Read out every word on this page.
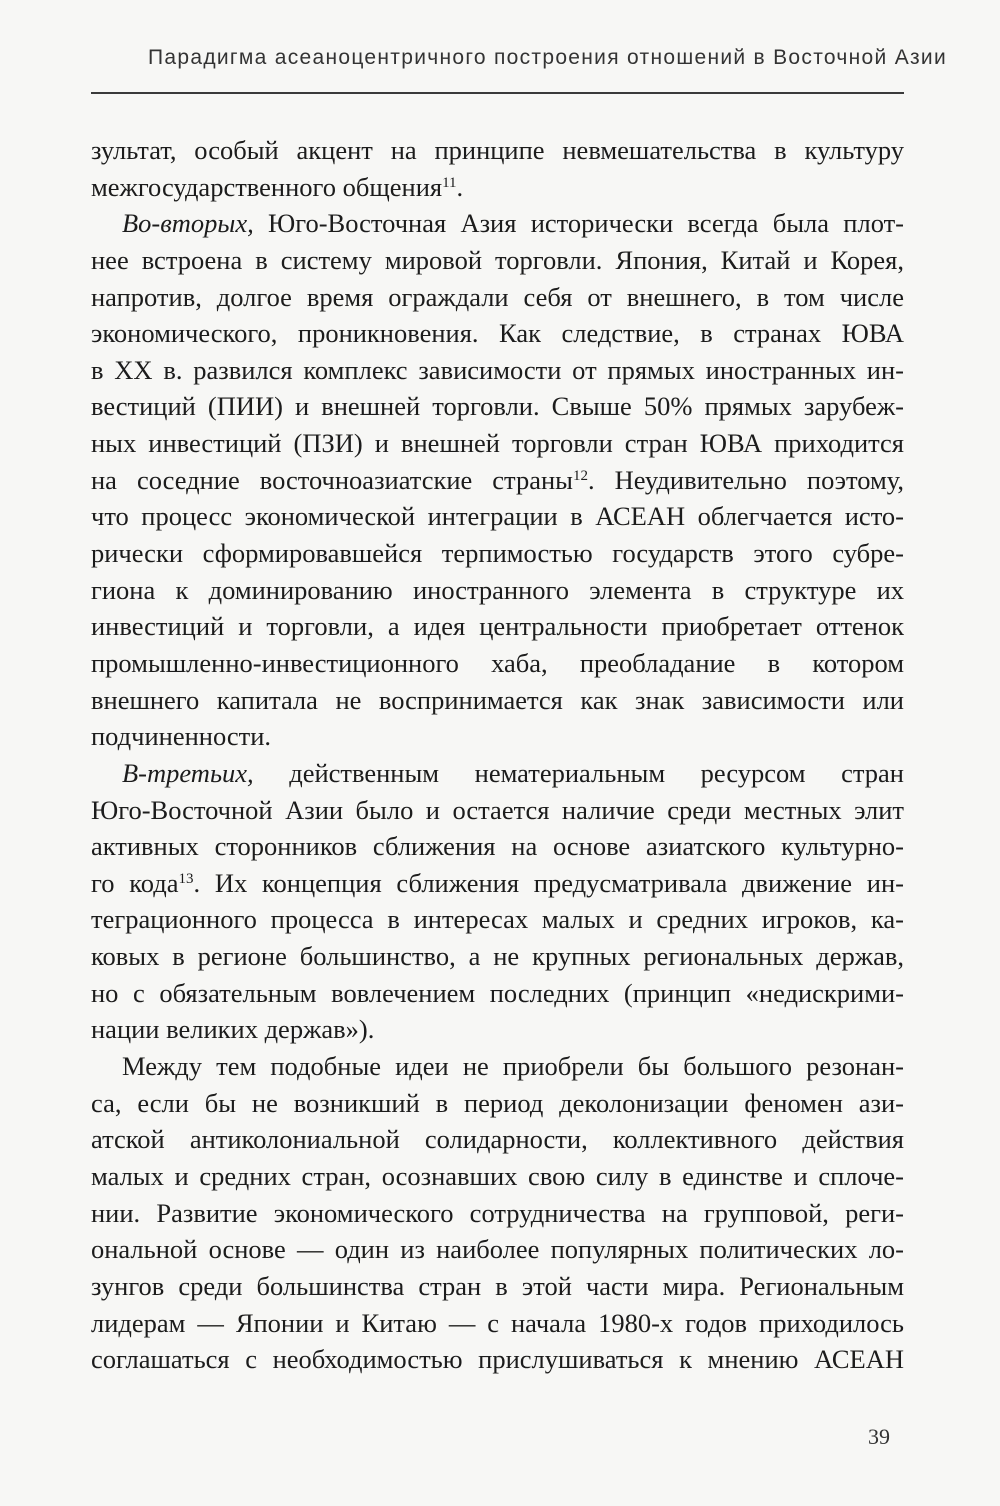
Парадигма асеаноцентричного построения отношений в Восточной Азии
зультат, особый акцент на принципе невмешательства в культуру
межгосударственного общения$^{11}$.
Во-вторых, Юго-Восточная Азия исторически всегда была плот-
нее встроена в систему мировой торговли. Япония, Китай и Корея,
напротив, долгое время ограждали себя от внешнего, в том числе
экономического, проникновения. Как следствие, в странах ЮВА
в XX в. развился комплекс зависимости от прямых иностранных ин-
вестиций (ПИИ) и внешней торговли. Свыше 50% прямых зарубеж-
ных инвестиций (ПЗИ) и внешней торговли стран ЮВА приходится
на соседние восточноазиатские страны$^{12}$. Неудивительно поэтому,
что процесс экономической интеграции в АСЕАН облегчается исто-
рически сформировавшейся терпимостью государств этого субре-
гиона к доминированию иностранного элемента в структуре их
инвестиций и торговли, а идея центральности приобретает оттенок
промышленно-инвестиционного хаба, преобладание в котором
внешнего капитала не воспринимается как знак зависимости или
подчиненности.
В-третьих, действенным нематериальным ресурсом стран
Юго-Восточной Азии было и остается наличие среди местных элит
активных сторонников сближения на основе азиатского культурно-
го кода$^{13}$. Их концепция сближения предусматривала движение ин-
теграционного процесса в интересах малых и средних игроков, ка-
ковых в регионе большинство, а не крупных региональных держав,
но с обязательным вовлечением последних (принцип «недискрими-
нации великих держав»).
Между тем подобные идеи не приобрели бы большого резонан-
са, если бы не возникший в период деколонизации феномен ази-
атской антиколониальной солидарности, коллективного действия
малых и средних стран, осознавших свою силу в единстве и сплоче-
нии. Развитие экономического сотрудничества на групповой, реги-
ональной основе — один из наиболее популярных политических ло-
зунгов среди большинства стран в этой части мира. Региональным
лидерам — Японии и Китаю — с начала 1980-х годов приходилось
соглашаться с необходимостью прислушиваться к мнению АСЕАН
39
